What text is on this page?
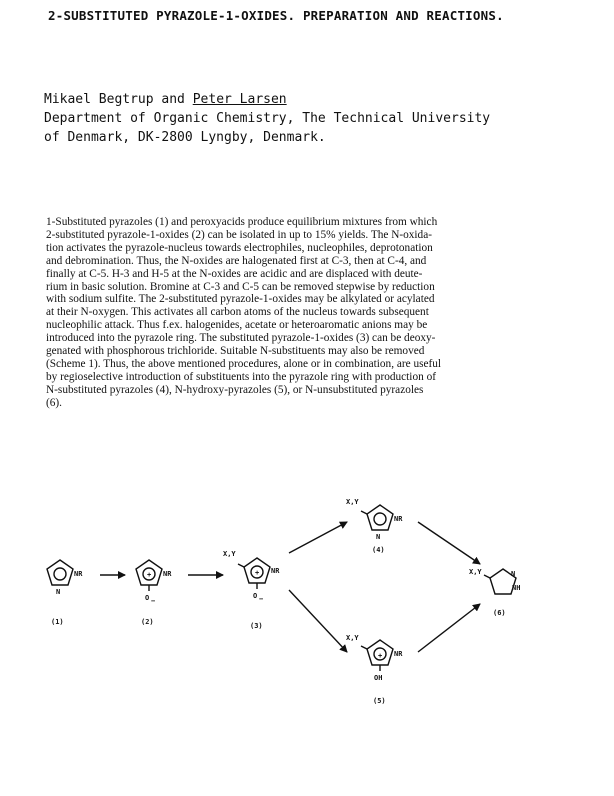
2-SUBSTITUTED PYRAZOLE-1-OXIDES. PREPARATION AND REACTIONS.
Mikael Begtrup and Peter Larsen
Department of Organic Chemistry, The Technical University
of Denmark, DK-2800 Lyngby, Denmark.
1-Substituted pyrazoles (1) and peroxyacids produce equilibrium mixtures from which
2-substituted pyrazole-1-oxides (2) can be isolated in up to 15% yields. The N-oxida-
tion activates the pyrazole-nucleus towards electrophiles, nucleophiles, deprotonation
and debromination. Thus, the N-oxides are halogenated first at C-3, then at C-4, and
finally at C-5. H-3 and H-5 at the N-oxides are acidic and are displaced with deute-
rium in basic solution. Bromine at C-3 and C-5 can be removed stepwise by reduction
with sodium sulfite. The 2-substituted pyrazole-1-oxides may be alkylated or acylated
at their N-oxygen. This activates all carbon atoms of the nucleus towards subsequent
nucleophilic attack. Thus f.ex. halogenides, acetate or heteroaromatic anions may be
introduced into the pyrazole ring. The substituted pyrazole-1-oxides (3) can be deoxy-
genated with phosphorous trichloride. Suitable N-substituents may also be removed
(Scheme 1). Thus, the above mentioned procedures, alone or in combination, are useful
by regioselective introduction of substituents into the pyrazole ring with production of
N-substituted pyrazoles (4), N-hydroxy-pyrazoles (5), or N-unsubstituted pyrazoles
(6).
NR
N
NR
+
O −
X,Y
NR
+
O −
X,Y
NR
N
X,Y
NR
+
OH
X,Y
NH
N
(1)	(2)	(3)
(4)
(5)
(6)
